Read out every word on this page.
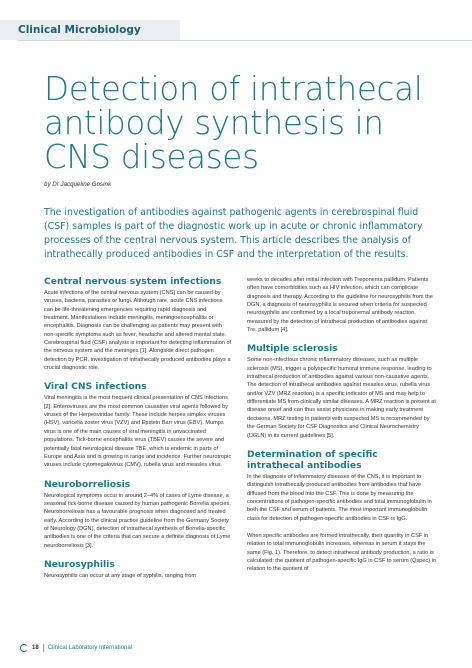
Clinical Microbiology
Detection of intrathecal antibody synthesis in CNS diseases
by Dr Jacqueline Gosink
The investigation of antibodies against pathogenic agents in cerebrospinal fluid (CSF) samples is part of the diagnostic work up in acute or chronic inflammatory processes of the central nervous system. This article describes the analysis of intrathecally produced antibodies in CSF and the interpretation of the results.
Central nervous system infections

Acute infections of the central nervous system (CNS) can be caused by viruses, bacteria, parasites or fungi. Although rare, acute CNS infections can be life-threatening emergencies requiring rapid diagnosis and treatment. Manifestations include meningitis, meningoencephalitis or encephalitis. Diagnosis can be challenging as patients may present with non-specific symptoms such as fever, headache and altered mental state. Cerebrospinal fluid (CSF) analysis is important for detecting inflammation of the nervous system and the meninges [1]. Alongside direct pathogen detection by PCR, investigation of intrathecally produced antibodies plays a crucial diagnostic role.

Viral CNS infections

Viral meningitis is the most frequent clinical presentation of CNS infections [2]. Enteroviruses are the most common causative viral agents followed by viruses of the Herpesviridae family. These include herpes simplex viruses (HSV), varicella zoster virus (VZV) and Epstein Barr virus (EBV). Mumps virus is one of the main causes of viral meningitis in unvaccinated populations. Tick-borne encephalitis virus (TBEV) causes the severe and potentially fatal neurological disease TBE, which is endemic in parts of Europe and Asia and is growing in range and incidence. Further neurotropic viruses include cytomegalovirus (CMV), rubella virus and measles virus.

Neuroborreliosis

Neurological symptoms occur in around 2–4% of cases of Lyme disease, a seasonal tick-borne disease caused by human pathogenic Borrelia species. Neuroborreliosis has a favourable prognosis when diagnosed and treated early. According to the clinical practice guideline from the Germany Society of Neurology (DGN), detection of intrathecal synthesis of Borrelia-specific antibodies is one of the criteria that can secure a definite diagnosis of Lyme neuroborreliosis [3].

Neurosyphilis

Neurosyphilis can occur at any stage of syphilis, ranging from

weeks to decades after initial infection with Treponema pallidum. Patients often have comorbidities such as HIV infection, which can complicate diagnosis and therapy. According to the guideline for neurosyphilis from the DGN, a diagnosis of neurosyphilis is secured when criteria for suspected neurosyphilis are confirmed by a local treponemal antibody reaction, measured by the detection of intrathecal production of antibodies against Tre. pallidum [4].

Multiple sclerosis

Some non-infectious chronic inflammatory diseases, such as multiple sclerosis (MS), trigger a polyspecific humoral immune response, leading to intrathecal production of antibodies against various non-causative agents. The detection of intrathecal antibodies against measles virus, rubella virus and/or VZV (MRZ reaction) is a specific indicator of MS and may help to differentiate MS from clinically similar diseases. A MRZ reaction is present at disease onset and can thus assist physicians in making early treatment decisions. MRZ testing in patients with suspected MS is recommended by the German Society for CSF Diagnostics and Clinical Neurochemistry (DGLN) in its current guidelines [5].

Determination of specific intrathecal antibodies

In the diagnosis of inflammatory diseases of the CNS, it is important to distinguish intrathecally produced antibodies from antibodies that have diffused from the blood into the CSF. This is done by measuring the concentrations of pathogen-specific antibodies and total immunoglobulin in both the CSF and serum of patients. The most important immunoglobulin class for detection of pathogen-specific antibodies in CSF is IgG.

When specific antibodies are formed intrathecally, their quantity in CSF in relation to total immunoglobulin increases, whereas in serum it stays the same (Fig. 1). Therefore, to detect intrathecal antibody production, a ratio is calculated: the quotient of pathogen-specific IgG in CSF to serum (Qspec) in relation to the quotient of

18 Clinical Laboratory International
